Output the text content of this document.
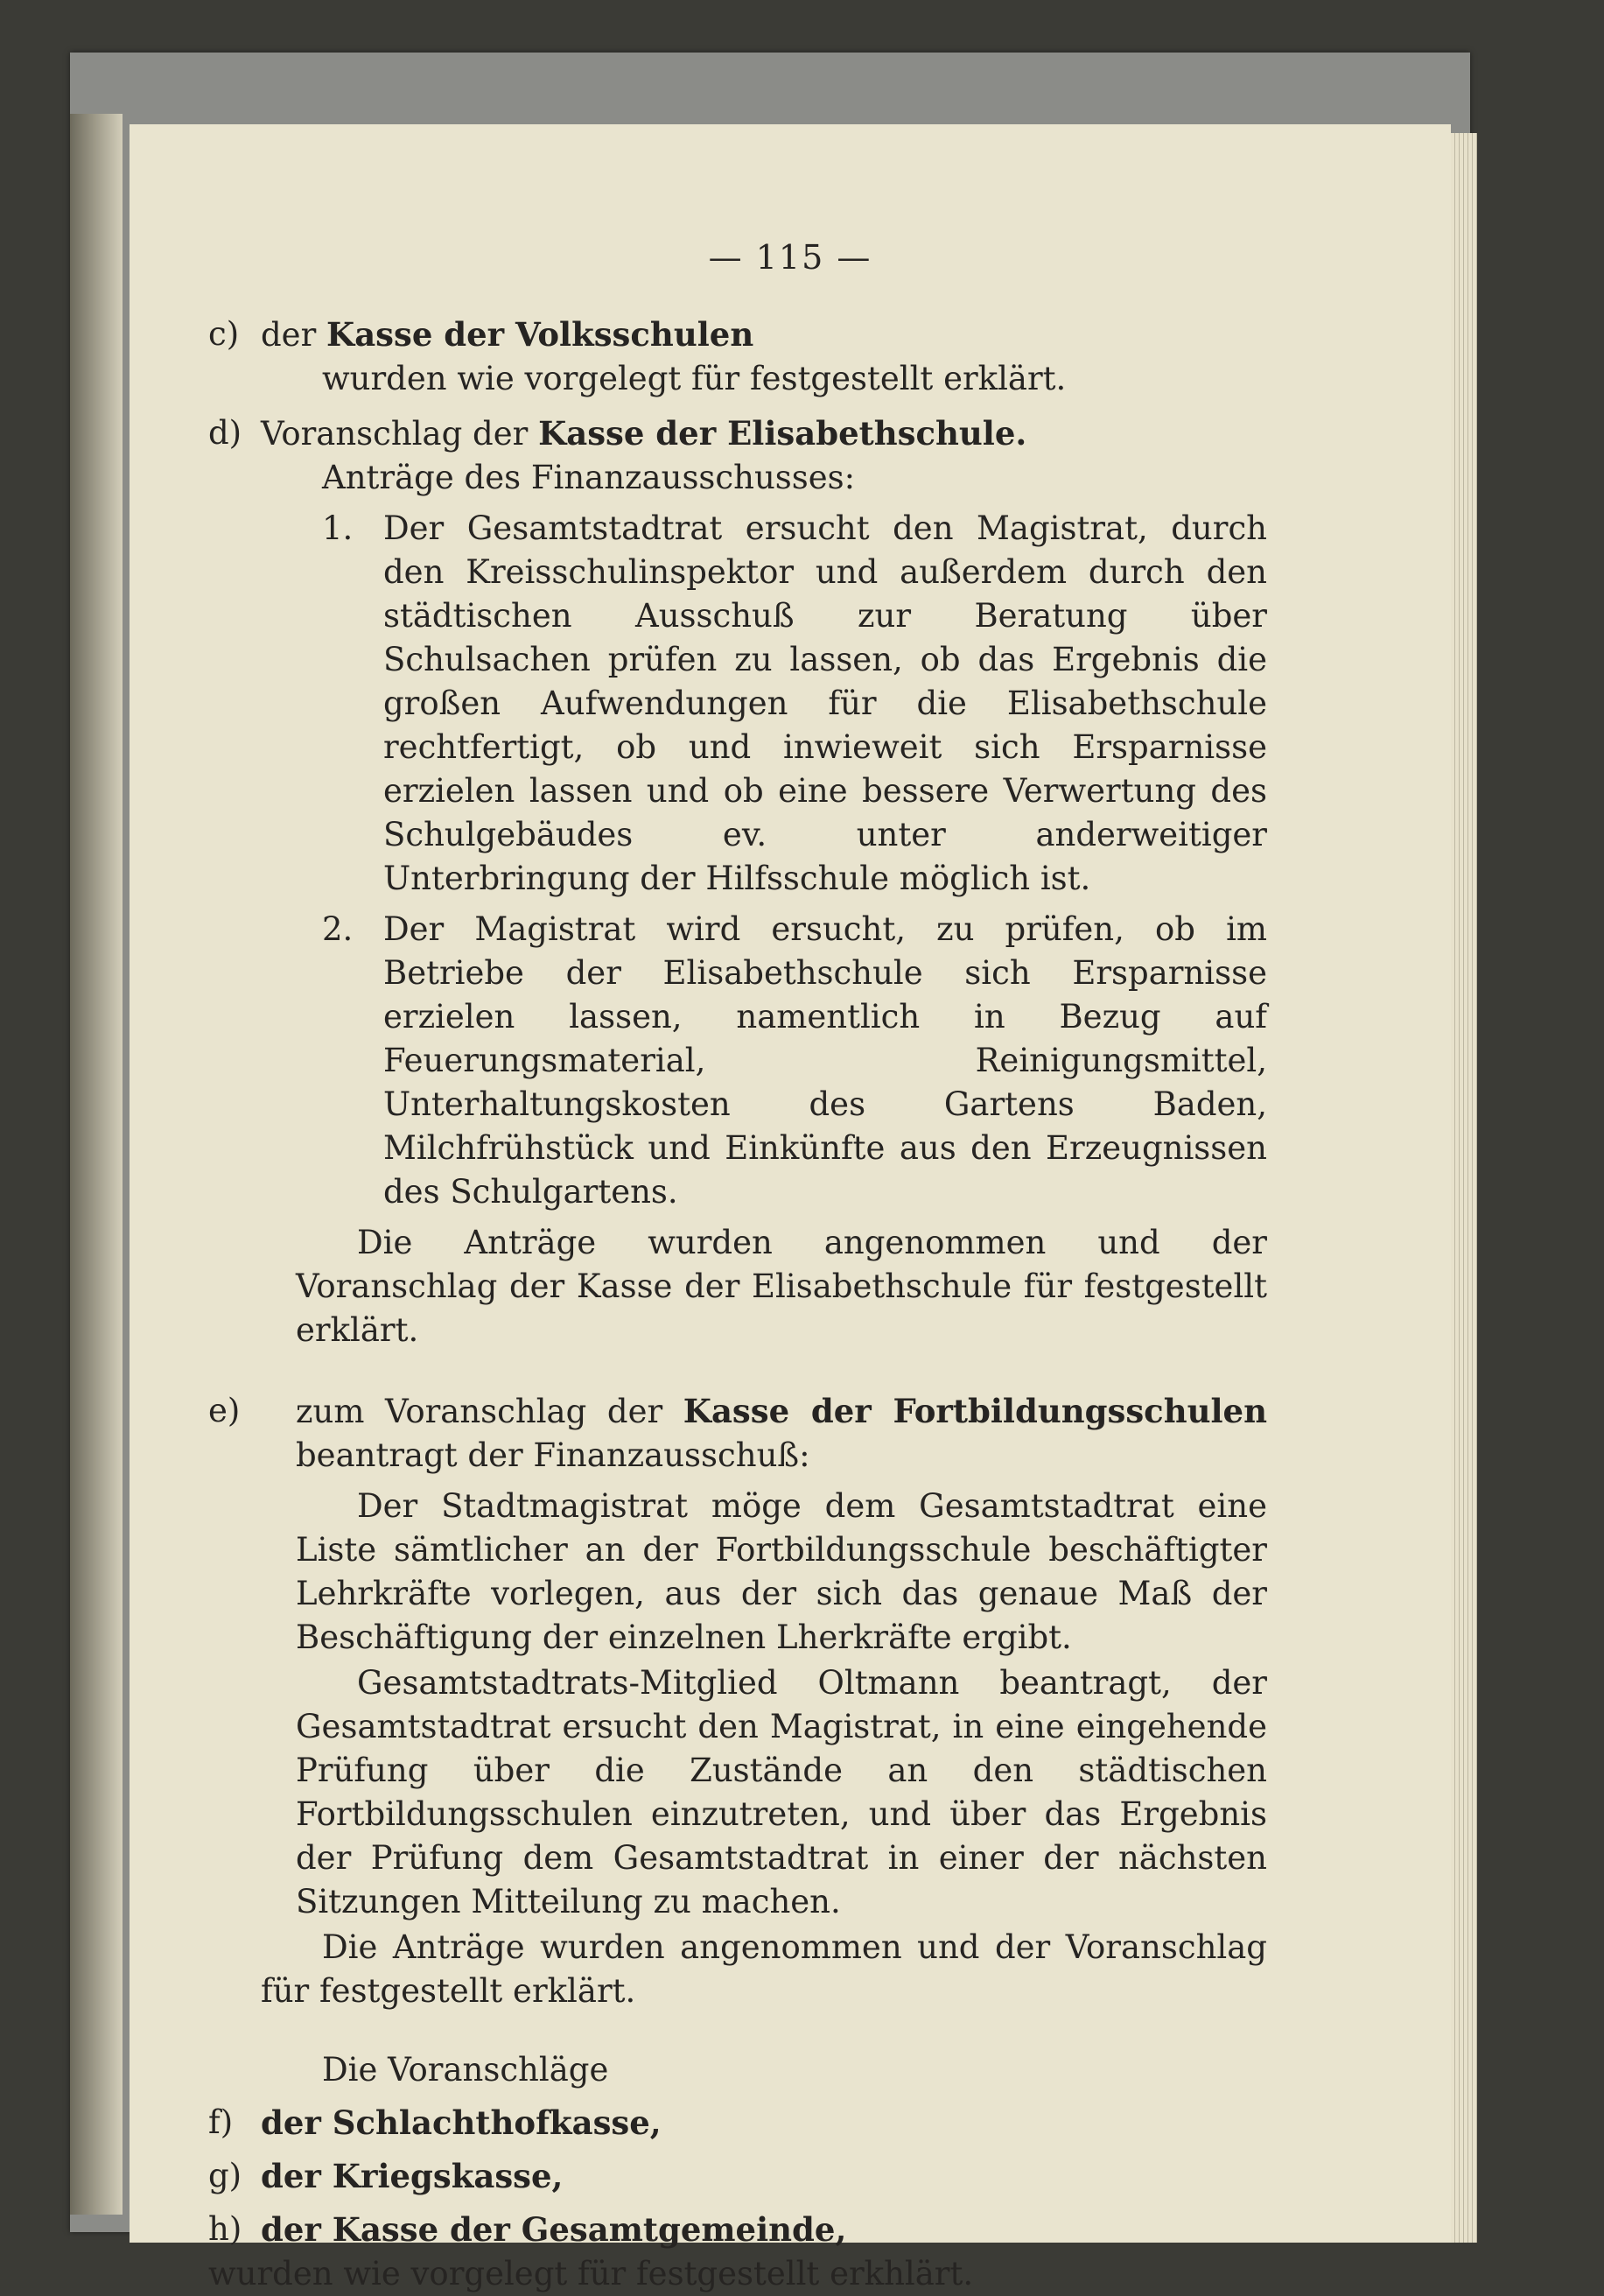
— 115 —
c) der Kasse der Volksschulen
wurden wie vorgelegt für festgestellt erklärt.
d) Voranschlag der Kasse der Elisabethschule.
Anträge des Finanzausschusses:
1. Der Gesamtstadtrat ersucht den Magistrat, durch den Kreisschulinspektor und außerdem durch den städtischen Ausschuß zur Beratung über Schulsachen prüfen zu lassen, ob das Ergebnis die großen Aufwendungen für die Elisabethschule rechtfertigt, ob und inwieweit sich Ersparnisse erzielen lassen und ob eine bessere Verwertung des Schulgebäudes ev. unter anderweitiger Unterbringung der Hilfsschule möglich ist.
2. Der Magistrat wird ersucht, zu prüfen, ob im Betriebe der Elisabethschule sich Ersparnisse erzielen lassen, namentlich in Bezug auf Feuerungsmaterial, Reinigungsmittel, Unterhaltungskosten des Gartens Baden, Milchfrühstück und Einkünfte aus den Erzeugnissen des Schulgartens.
Die Anträge wurden angenommen und der Voranschlag der Kasse der Elisabethschule für festgestellt erklärt.
e) zum Voranschlag der Kasse der Fortbildungsschulen beantragt der Finanzausschuß:
Der Stadtmagistrat möge dem Gesamtstadtrat eine Liste sämtlicher an der Fortbildungsschule beschäftigter Lehrkräfte vorlegen, aus der sich das genaue Maß der Beschäftigung der einzelnen Lherkräfte ergibt.
Gesamtstadtrats-Mitglied Oltmann beantragt, der Gesamtstadtrat ersucht den Magistrat, in eine eingehende Prüfung über die Zustände an den städtischen Fortbildungsschulen einzutreten, und über das Ergebnis der Prüfung dem Gesamtstadtrat in einer der nächsten Sitzungen Mitteilung zu machen.
Die Anträge wurden angenommen und der Voranschlag für festgestellt erklärt.
Die Voranschläge
f) der Schlachthofkasse,
g) der Kriegskasse,
h) der Kasse der Gesamtgemeinde,
wurden wie vorgelegt für festgestellt erkhlärt.
